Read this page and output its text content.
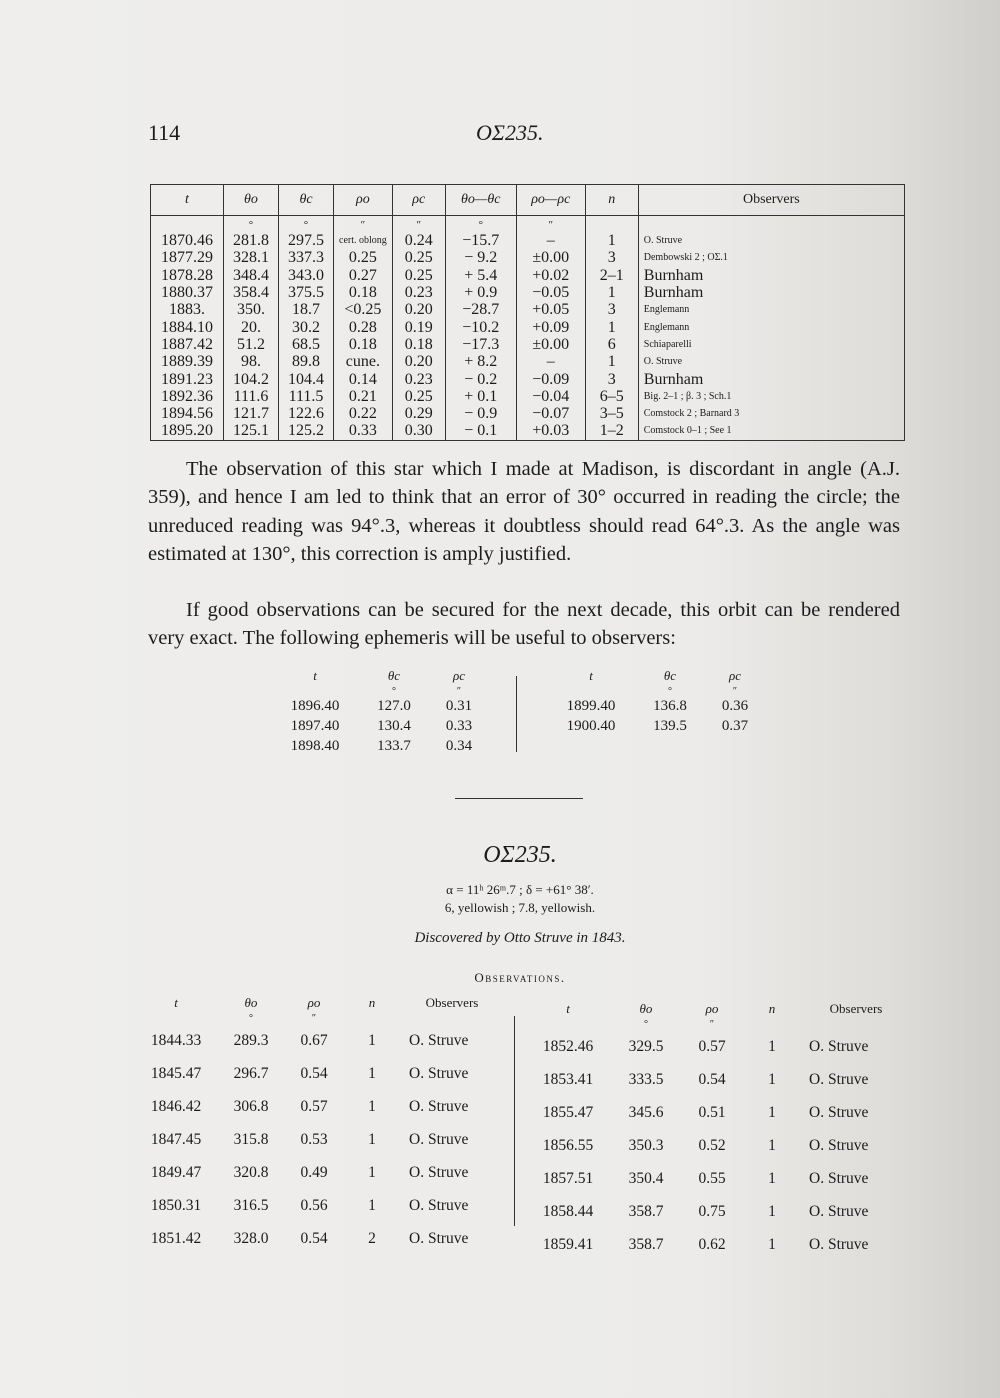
114	OΣ235.
t	θo	θc	ρo	ρc	θo—θc	ρo—ρc	n	Observers
	°	°	″	″	°	″		
1870.46	281.8	297.5	cert. oblong	0.24	−15.7	–	1	O. Struve
1877.29	328.1	337.3	0.25	0.25	− 9.2	±0.00	3	Dembowski 2 ; OΣ.1
1878.28	348.4	343.0	0.27	0.25	+ 5.4	+0.02	2–1	Burnham
1880.37	358.4	375.5	0.18	0.23	+ 0.9	−0.05	1	Burnham
1883.	350.	18.7	<0.25	0.20	−28.7	+0.05	3	Englemann
1884.10	20.	30.2	0.28	0.19	−10.2	+0.09	1	Englemann
1887.42	51.2	68.5	0.18	0.18	−17.3	±0.00	6	Schiaparelli
1889.39	98.	89.8	cune.	0.20	+ 8.2	–	1	O. Struve
1891.23	104.2	104.4	0.14	0.23	− 0.2	−0.09	3	Burnham
1892.36	111.6	111.5	0.21	0.25	+ 0.1	−0.04	6–5	Big. 2–1 ; β. 3 ; Sch.1
1894.56	121.7	122.6	0.22	0.29	− 0.9	−0.07	3–5	Comstock 2 ; Barnard 3
1895.20	125.1	125.2	0.33	0.30	− 0.1	+0.03	1–2	Comstock 0–1 ; See 1

The observation of this star which I made at Madison, is discordant in angle (A.J. 359), and hence I am led to think that an error of 30° occurred in reading the circle; the unreduced reading was 94°.3, whereas it doubtless should read 64°.3. As the angle was estimated at 130°, this correction is amply justified.

If good observations can be secured for the next decade, this orbit can be rendered very exact. The following ephemeris will be useful to observers:

t	θc	ρc
	°	″
1896.40	127.0	0.31
1897.40	130.4	0.33
1898.40	133.7	0.34
t	θc	ρc
	°	″
1899.40	136.8	0.36
1900.40	139.5	0.37
OΣ235.
α = 11ʰ 26ᵐ.7 ; δ = +61° 38′.
6, yellowish ; 7.8, yellowish.
Discovered by Otto Struve in 1843.
Observations.
t	θo	ρo	n	Observers
	°	″		
1844.33	289.3	0.67	1	O. Struve
1845.47	296.7	0.54	1	O. Struve
1846.42	306.8	0.57	1	O. Struve
1847.45	315.8	0.53	1	O. Struve
1849.47	320.8	0.49	1	O. Struve
1850.31	316.5	0.56	1	O. Struve
1851.42	328.0	0.54	2	O. Struve
t	θo	ρo	n	Observers
	°	″		
1852.46	329.5	0.57	1	O. Struve
1853.41	333.5	0.54	1	O. Struve
1855.47	345.6	0.51	1	O. Struve
1856.55	350.3	0.52	1	O. Struve
1857.51	350.4	0.55	1	O. Struve
1858.44	358.7	0.75	1	O. Struve
1859.41	358.7	0.62	1	O. Struve
